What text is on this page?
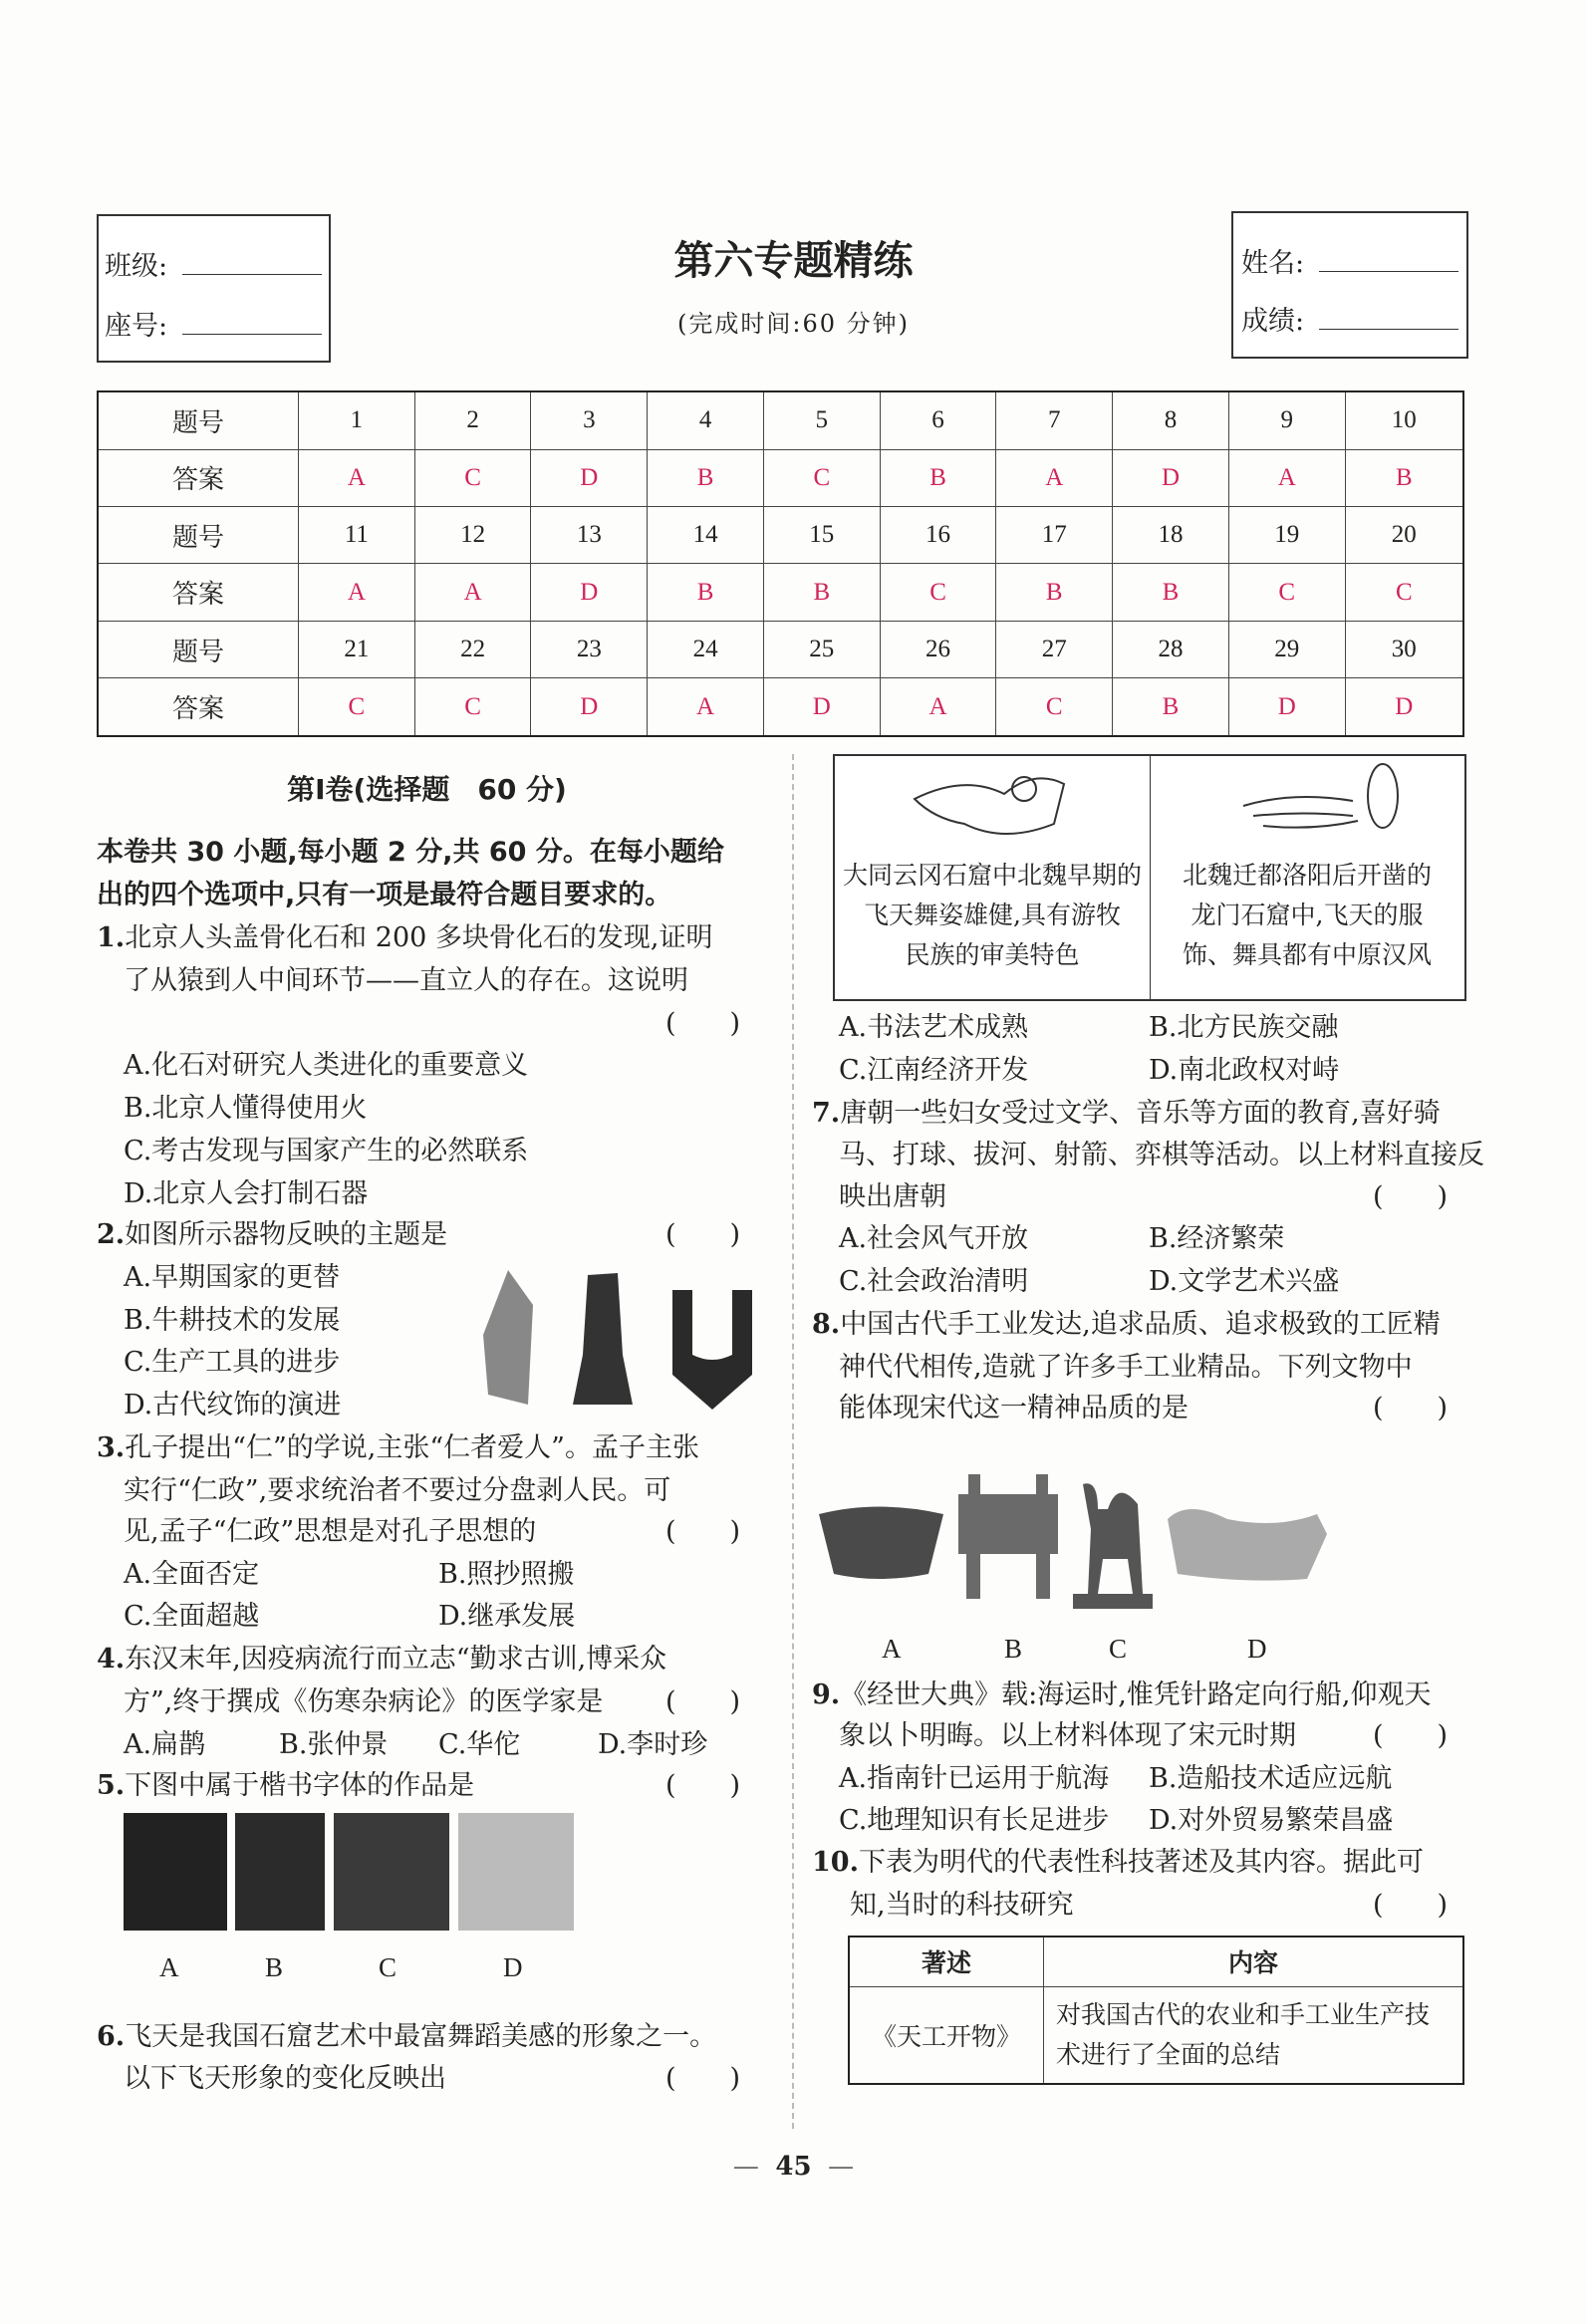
班级:
座号:
第六专题精练
(完成时间:60 分钟)
姓名:
成绩:
题号	1	2	3	4	5	6	7	8	9	10
答案	A	C	D	B	C	B	A	D	A	B
题号	11	12	13	14	15	16	17	18	19	20
答案	A	A	D	B	B	C	B	B	C	C
题号	21	22	23	24	25	26	27	28	29	30
答案	C	C	D	A	D	A	C	B	D	D
第Ⅰ卷(选择题　60 分)
本卷共 30 小题,每小题 2 分,共 60 分。在每小题给
出的四个选项中,只有一项是最符合题目要求的。
1.北京人头盖骨化石和 200 多块骨化石的发现,证明
了从猿到人中间环节——直立人的存在。这说明
(　　)
A.化石对研究人类进化的重要意义
B.北京人懂得使用火
C.考古发现与国家产生的必然联系
D.北京人会打制石器
2.如图所示器物反映的主题是	(　　)
A.早期国家的更替
B.牛耕技术的发展
C.生产工具的进步
D.古代纹饰的演进
3.孔子提出“仁”的学说,主张“仁者爱人”。孟子主张
实行“仁政”,要求统治者不要过分盘剥人民。可
见,孟子“仁政”思想是对孔子思想的	(　　)
A.全面否定	B.照抄照搬
C.全面超越	D.继承发展
4.东汉末年,因疫病流行而立志“勤求古训,博采众
方”,终于撰成《伤寒杂病论》的医学家是 (　　)
A.扁鹊	B.张仲景 C.华佗	D.李时珍
5.下图中属于楷书字体的作品是	(　　)
A	B	C	D
6.飞天是我国石窟艺术中最富舞蹈美感的形象之一。
以下飞天形象的变化反映出	(　　)
大同云冈石窟中北魏早期的
飞天舞姿雄健,具有游牧
民族的审美特色
北魏迁都洛阳后开凿的
龙门石窟中,飞天的服
饰、舞具都有中原汉风
A.书法艺术成熟	B.北方民族交融
C.江南经济开发	D.南北政权对峙
7.唐朝一些妇女受过文学、音乐等方面的教育,喜好骑
马、打球、拔河、射箭、弈棋等活动。以上材料直接反
映出唐朝	(　　)
A.社会风气开放	B.经济繁荣
C.社会政治清明	D.文学艺术兴盛
8.中国古代手工业发达,追求品质、追求极致的工匠精
神代代相传,造就了许多手工业精品。下列文物中
能体现宋代这一精神品质的是	(　　)
A	B	C	D
9.《经世大典》载:海运时,惟凭针路定向行船,仰观天
象以卜明晦。以上材料体现了宋元时期	(　　)
A.指南针已运用于航海 B.造船技术适应远航
C.地理知识有长足进步 D.对外贸易繁荣昌盛
10.下表为明代的代表性科技著述及其内容。据此可
知,当时的科技研究	(　　)
著述	内容
《天工开物》	对我国古代的农业和手工业生产技术进行了全面的总结
—  45  —
